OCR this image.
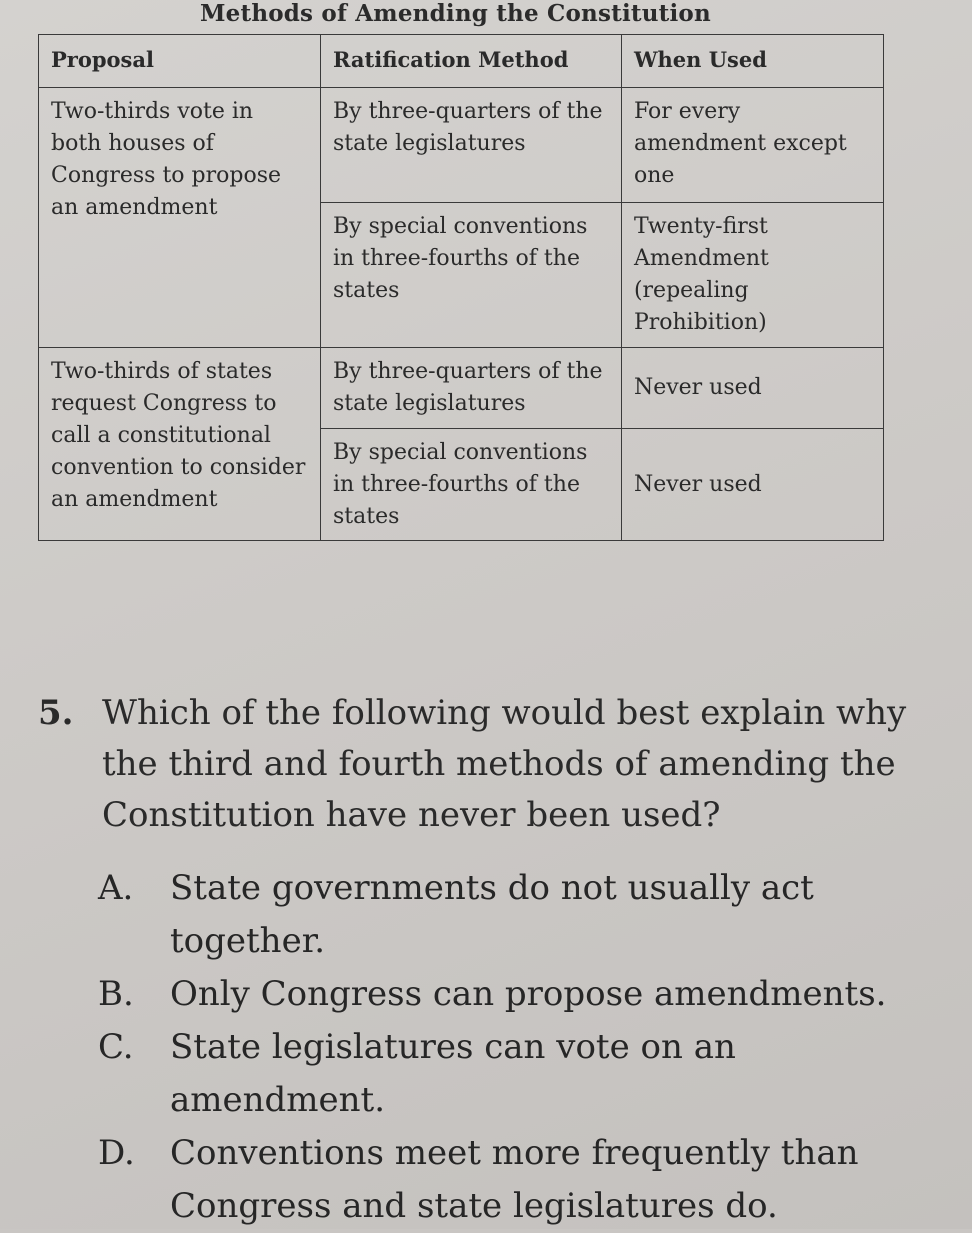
Methods of Amending the Constitution
Proposal	Ratification Method	When Used
Two-thirds vote in both houses of Congress to propose an amendment	By three-quarters of the state legislatures	For every amendment except one
	By special conventions in three-fourths of the states	Twenty-first Amendment (repealing Prohibition)
Two-thirds of states request Congress to call a constitutional convention to consider an amendment	By three-quarters of the state legislatures	Never used
	By special conventions in three-fourths of the states	Never used
5. Which of the following would best explain why the third and fourth methods of amending the Constitution have never been used?
A.	State governments do not usually act together.
B.	Only Congress can propose amendments.
C.	State legislatures can vote on an amendment.
D.	Conventions meet more frequently than Congress and state legislatures do.
